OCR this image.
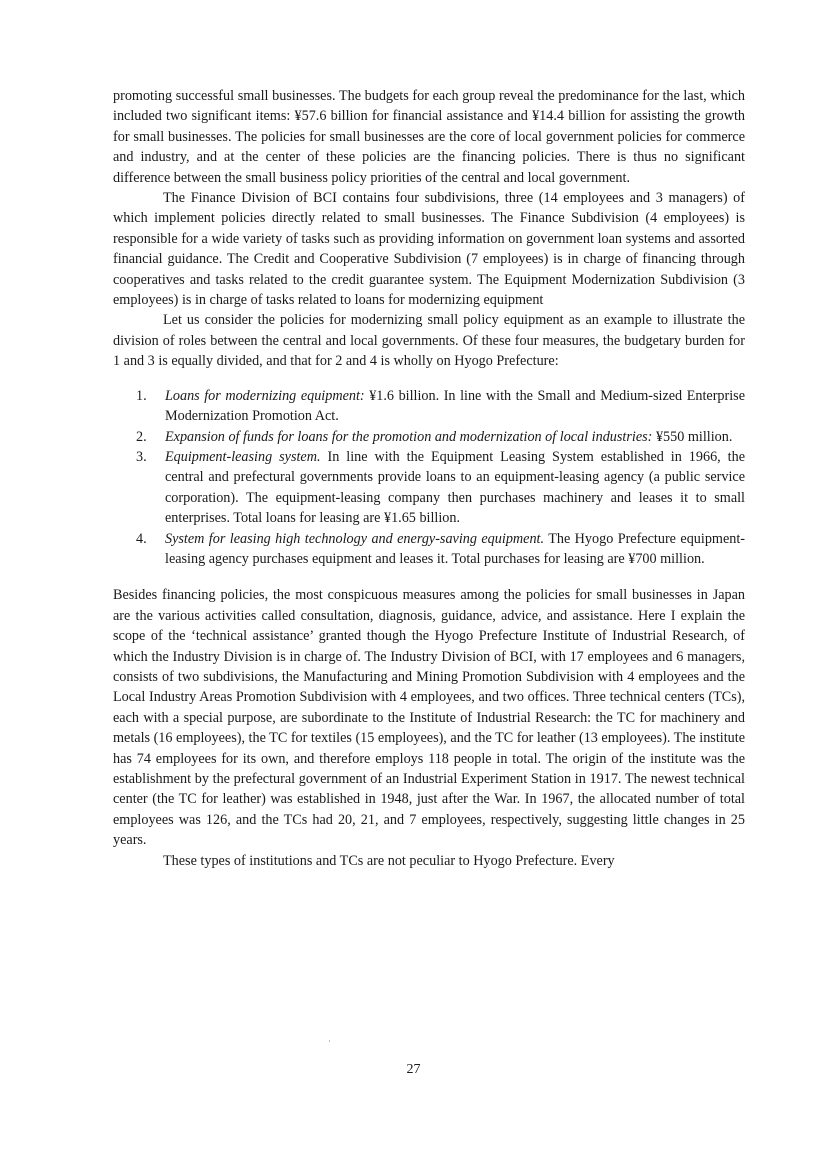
promoting successful small businesses. The budgets for each group reveal the predominance for the last, which included two significant items: ¥57.6 billion for financial assistance and ¥14.4 billion for assisting the growth for small businesses. The policies for small businesses are the core of local government policies for commerce and industry, and at the center of these policies are the financing policies. There is thus no significant difference between the small business policy priorities of the central and local government.

The Finance Division of BCI contains four subdivisions, three (14 employees and 3 managers) of which implement policies directly related to small businesses. The Finance Subdivision (4 employees) is responsible for a wide variety of tasks such as providing information on government loan systems and assorted financial guidance. The Credit and Cooperative Subdivision (7 employees) is in charge of financing through cooperatives and tasks related to the credit guarantee system. The Equipment Modernization Subdivision (3 employees) is in charge of tasks related to loans for modernizing equipment

Let us consider the policies for modernizing small policy equipment as an example to illustrate the division of roles between the central and local governments. Of these four measures, the budgetary burden for 1 and 3 is equally divided, and that for 2 and 4 is wholly on Hyogo Prefecture:

1. Loans for modernizing equipment: ¥1.6 billion. In line with the Small and Medium-sized Enterprise Modernization Promotion Act.
2. Expansion of funds for loans for the promotion and modernization of local industries: ¥550 million.
3. Equipment-leasing system. In line with the Equipment Leasing System established in 1966, the central and prefectural governments provide loans to an equipment-leasing agency (a public service corporation). The equipment-leasing company then purchases machinery and leases it to small enterprises. Total loans for leasing are ¥1.65 billion.
4. System for leasing high technology and energy-saving equipment. The Hyogo Prefecture equipment-leasing agency purchases equipment and leases it. Total purchases for leasing are ¥700 million.

Besides financing policies, the most conspicuous measures among the policies for small businesses in Japan are the various activities called consultation, diagnosis, guidance, advice, and assistance. Here I explain the scope of the ‘technical assistance’ granted though the Hyogo Prefecture Institute of Industrial Research, of which the Industry Division is in charge of. The Industry Division of BCI, with 17 employees and 6 managers, consists of two subdivisions, the Manufacturing and Mining Promotion Subdivision with 4 employees and the Local Industry Areas Promotion Subdivision with 4 employees, and two offices. Three technical centers (TCs), each with a special purpose, are subordinate to the Institute of Industrial Research: the TC for machinery and metals (16 employees), the TC for textiles (15 employees), and the TC for leather (13 employees). The institute has 74 employees for its own, and therefore employs 118 people in total. The origin of the institute was the establishment by the prefectural government of an Industrial Experiment Station in 1917. The newest technical center (the TC for leather) was established in 1948, just after the War. In 1967, the allocated number of total employees was 126, and the TCs had 20, 21, and 7 employees, respectively, suggesting little changes in 25 years.

These types of institutions and TCs are not peculiar to Hyogo Prefecture. Every

27
